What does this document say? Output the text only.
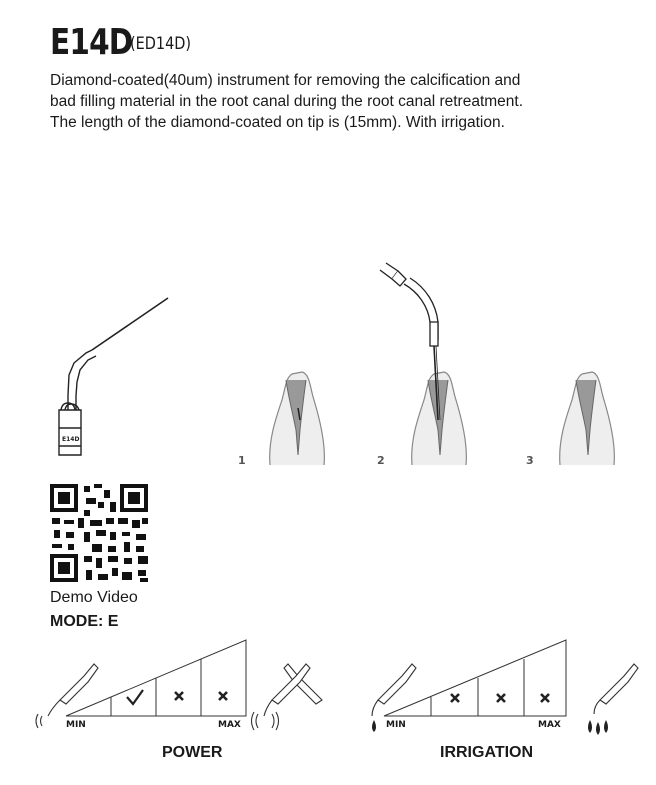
E14D
(ED14D)

Diamond-coated(40um) instrument for removing the calcification and

bad filling material in the root canal during the root canal retreatment.

The length of the diamond-coated on tip is (15mm). With irrigation.

E14D
1	2	3
Demo Video
MODE: E
MIN	MAX
POWER
MIN	MAX
IRRIGATION
